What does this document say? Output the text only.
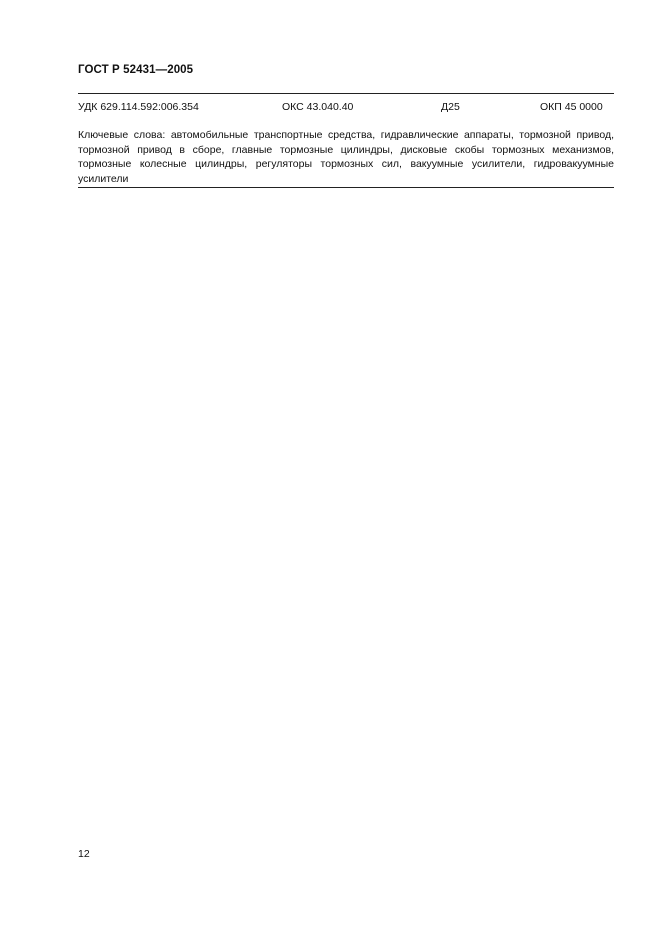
ГОСТ Р 52431—2005
УДК 629.114.592:006.354	ОКС 43.040.40	Д25	ОКП 45 0000

Ключевые слова: автомобильные транспортные средства, гидравлические аппараты, тормозной привод, тормозной привод в сборе, главные тормозные цилиндры, дисковые скобы тормозных механизмов, тормозные колесные цилиндры, регуляторы тормозных сил, вакуумные усилители, гидровакуумные усилители

12
